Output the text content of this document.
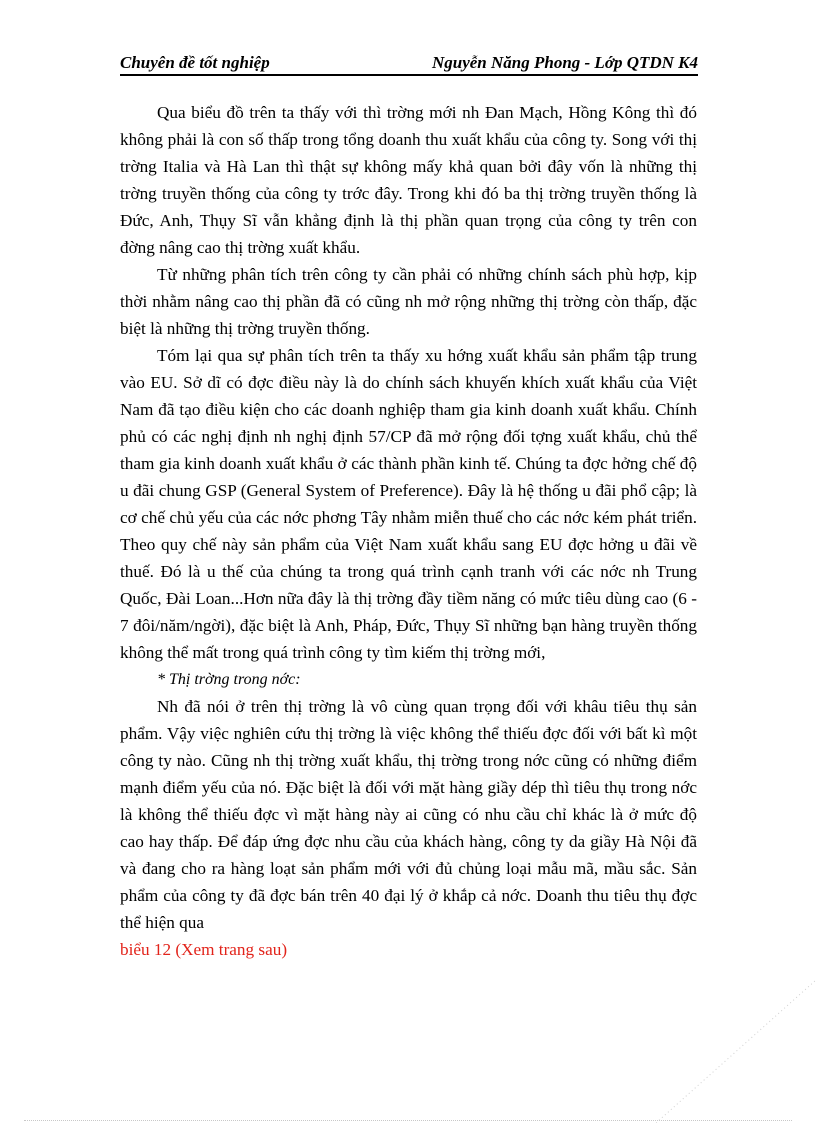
Chuyên đề tốt nghiệp	Nguyễn Năng Phong - Lớp QTDN K4

Qua biểu đồ trên ta thấy với thì trờng mới nh Đan Mạch, Hồng Kông thì đó không phải là con số thấp trong tổng doanh thu xuất khẩu của công ty. Song với thị trờng Italia và Hà Lan thì thật sự không mấy khả quan bởi đây vốn là những thị trờng truyền thống của công ty trớc đây. Trong khi đó ba thị trờng truyền thống là Đức, Anh, Thụy Sĩ vẫn khẳng định là thị phần quan trọng của công ty trên con đờng nâng cao thị trờng xuất khẩu.

Từ những phân tích trên công ty cần phải có những chính sách phù hợp, kịp thời nhằm nâng cao thị phần đã có cũng nh mở rộng những thị trờng còn thấp, đặc biệt là những thị trờng truyền thống.

Tóm lại qua sự phân tích trên ta thấy xu hớng xuất khẩu sản phẩm tập trung vào EU. Sở dĩ có đợc điều này là do chính sách khuyến khích xuất khẩu của Việt Nam đã tạo điều kiện cho các doanh nghiệp tham gia kinh doanh xuất khẩu. Chính phủ có các nghị định nh nghị định 57/CP đã mở rộng đối tợng xuất khẩu, chủ thể tham gia kinh doanh xuất khẩu ở các thành phần kinh tế. Chúng ta đợc hởng chế độ u đãi chung GSP (General System of Preference). Đây là hệ thống u đãi phổ cập; là cơ chế chủ yếu của các nớc phơng Tây nhằm miễn thuế cho các nớc kém phát triển. Theo quy chế này sản phẩm của Việt Nam xuất khẩu sang EU đợc hởng u đãi về thuế. Đó là u thế của chúng ta trong quá trình cạnh tranh với các nớc nh Trung Quốc, Đài Loan...Hơn nữa đây là thị trờng đầy tiềm năng có mức tiêu dùng cao (6 - 7 đôi/năm/ngời), đặc biệt là Anh, Pháp, Đức, Thụy Sĩ những bạn hàng truyền thống không thể mất trong quá trình công ty tìm kiếm thị trờng mới,

* Thị trờng trong nớc:

Nh đã nói ở trên thị trờng là vô cùng quan trọng đối với khâu tiêu thụ sản phẩm. Vậy việc nghiên cứu thị trờng là việc không thể thiếu đợc đối với bất kì một công ty nào. Cũng nh thị trờng xuất khẩu, thị trờng trong nớc cũng có những điểm mạnh điểm yếu của nó. Đặc biệt là đối với mặt hàng giầy dép thì tiêu thụ trong nớc là không thể thiếu đợc vì mặt hàng này ai cũng có nhu cầu chỉ khác là ở mức độ cao hay thấp. Để đáp ứng đợc nhu cầu của khách hàng, công ty da giầy Hà Nội đã và đang cho ra hàng loạt sản phẩm mới với đủ chủng loại mẫu mã, mầu sắc. Sản phẩm của công ty đã đợc bán trên 40 đại lý ở khắp cả nớc. Doanh thu tiêu thụ đợc thể hiện qua

biểu 12 (Xem trang sau)
